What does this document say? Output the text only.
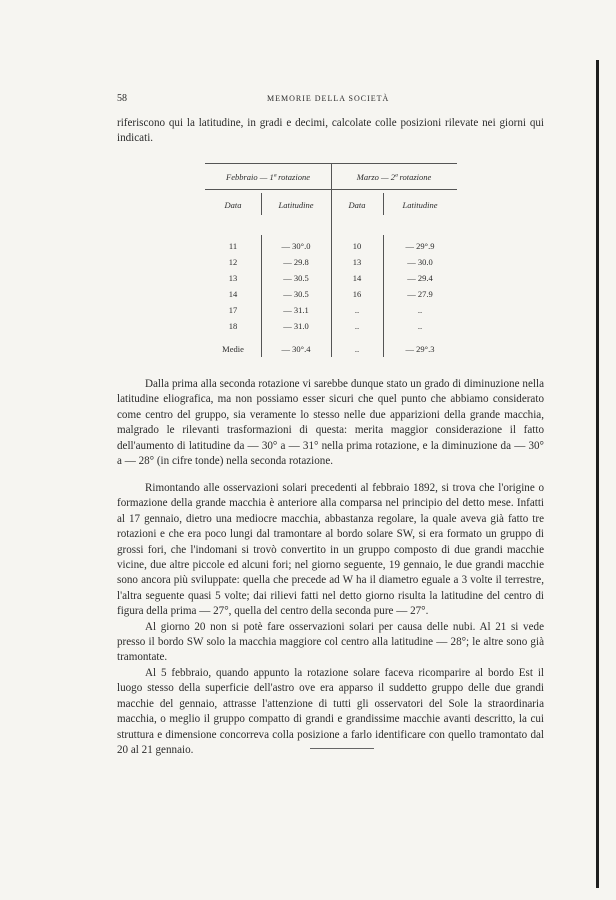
58	MEMORIE DELLA SOCIETÀ

riferiscono qui la latitudine, in gradi e decimi, calcolate colle posizioni rilevate nei giorni qui indicati.

Febbraio — 1ª rotazione	Marzo — 2ª rotazione
Data	Latitudine	Data	Latitudine
11	— 30°.0	10	— 29°.9
12	— 29.8	13	— 30.0
13	— 30.5	14	— 29.4
14	— 30.5	16	— 27.9
17	— 31.1	..	..
18	— 31.0	..	..
Medie	— 30°.4	..	— 29°.3

Dalla prima alla seconda rotazione vi sarebbe dunque stato un grado di diminuzione nella latitudine eliografica, ma non possiamo esser sicuri che quel punto che abbiamo considerato come centro del gruppo, sia veramente lo stesso nelle due apparizioni della grande macchia, malgrado le rilevanti trasformazioni di questa: merita maggior considerazione il fatto dell'aumento di latitudine da — 30° a — 31° nella prima rotazione, e la diminuzione da — 30° a — 28° (in cifre tonde) nella seconda rotazione.

Rimontando alle osservazioni solari precedenti al febbraio 1892, si trova che l'origine o formazione della grande macchia è anteriore alla comparsa nel principio del detto mese. Infatti al 17 gennaio, dietro una mediocre macchia, abbastanza regolare, la quale aveva già fatto tre rotazioni e che era poco lungi dal tramontare al bordo solare SW, si era formato un gruppo di grossi fori, che l'indomani si trovò convertito in un gruppo composto di due grandi macchie vicine, due altre piccole ed alcuni fori; nel giorno seguente, 19 gennaio, le due grandi macchie sono ancora più sviluppate: quella che precede ad W ha il diametro eguale a 3 volte il terrestre, l'altra seguente quasi 5 volte; dai rilievi fatti nel detto giorno risulta la latitudine del centro di figura della prima — 27°, quella del centro della seconda pure — 27°.

Al giorno 20 non si potè fare osservazioni solari per causa delle nubi. Al 21 si vede presso il bordo SW solo la macchia maggiore col centro alla latitudine — 28°; le altre sono già tramontate.

Al 5 febbraio, quando appunto la rotazione solare faceva ricomparire al bordo Est il luogo stesso della superficie dell'astro ove era apparso il suddetto gruppo delle due grandi macchie del gennaio, attrasse l'attenzione di tutti gli osservatori del Sole la straordinaria macchia, o meglio il gruppo compatto di grandi e grandissime macchie avanti descritto, la cui struttura e dimensione concorreva colla posizione a farlo identificare con quello tramontato dal 20 al 21 gennaio.
